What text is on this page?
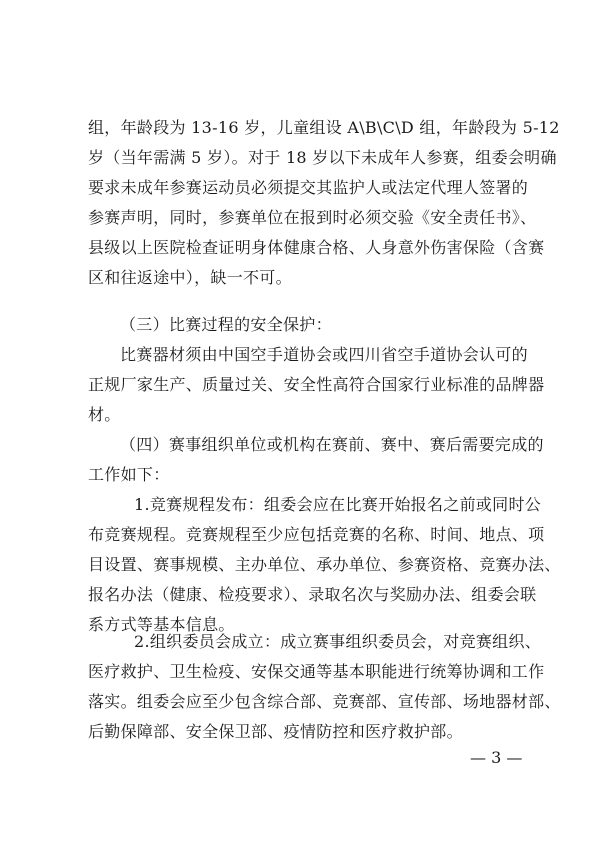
组，年龄段为 13-16 岁，儿童组设 A\B\C\D 组，年龄段为 5-12
岁（当年需满 5 岁）。对于 18 岁以下未成年人参赛，组委会明确
要求未成年参赛运动员必须提交其监护人或法定代理人签署的
参赛声明，同时，参赛单位在报到时必须交验《安全责任书》、
县级以上医院检查证明身体健康合格、人身意外伤害保险（含赛
区和往返途中），缺一不可。
（三）比赛过程的安全保护：
比赛器材须由中国空手道协会或四川省空手道协会认可的
正规厂家生产、质量过关、安全性高符合国家行业标准的品牌器
材。
（四）赛事组织单位或机构在赛前、赛中、赛后需要完成的
工作如下：
1.竞赛规程发布：组委会应在比赛开始报名之前或同时公
布竞赛规程。竞赛规程至少应包括竞赛的名称、时间、地点、项
目设置、赛事规模、主办单位、承办单位、参赛资格、竞赛办法、
报名办法（健康、检疫要求）、录取名次与奖励办法、组委会联
系方式等基本信息。
2.组织委员会成立：成立赛事组织委员会，对竞赛组织、
医疗救护、卫生检疫、安保交通等基本职能进行统筹协调和工作
落实。组委会应至少包含综合部、竞赛部、宣传部、场地器材部、
后勤保障部、安全保卫部、疫情防控和医疗救护部。
— 3 —
